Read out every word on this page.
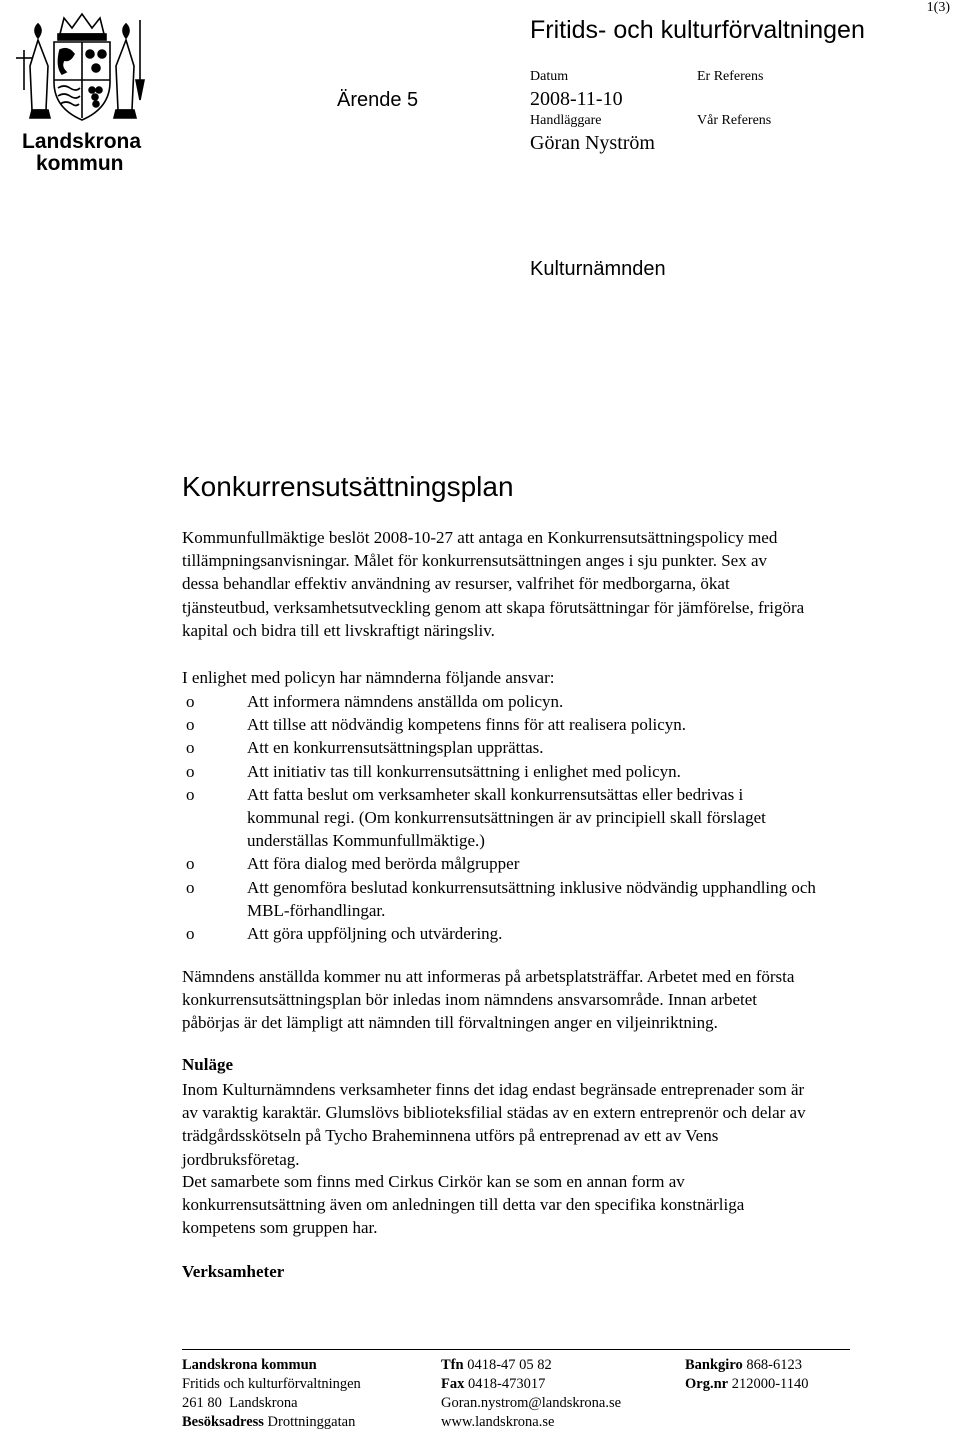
Landskrona
kommun
1(3)
Fritids- och kulturförvaltningen
Ärende 5
Datum
2008-11-10
Handläggare
Göran Nyström
Er Referens
Vår Referens
Kulturnämnden
Konkurrensutsättningsplan
Kommunfullmäktige beslöt 2008-10-27 att antaga en Konkurrensutsättningspolicy med
tillämpningsanvisningar. Målet för konkurrensutsättningen anges i sju punkter. Sex av
dessa behandlar effektiv användning av resurser, valfrihet för medborgarna, ökat
tjänsteutbud, verksamhetsutveckling genom att skapa förutsättningar för jämförelse, frigöra
kapital och bidra till ett livskraftigt näringsliv.
I enlighet med policyn har nämnderna följande ansvar:
o	Att informera nämndens anställda om policyn.
o	Att tillse att nödvändig kompetens finns för att realisera policyn.
o	Att en konkurrensutsättningsplan upprättas.
o	Att initiativ tas till konkurrensutsättning i enlighet med policyn.
o	Att fatta beslut om verksamheter skall konkurrensutsättas eller bedrivas i
kommunal regi. (Om konkurrensutsättningen är av principiell skall förslaget
underställas Kommunfullmäktige.)
o	Att föra dialog med berörda målgrupper
o	Att genomföra beslutad konkurrensutsättning inklusive nödvändig upphandling och
MBL-förhandlingar.
o	Att göra uppföljning och utvärdering.
Nämndens anställda kommer nu att informeras på arbetsplatsträffar. Arbetet med en första
konkurrensutsättningsplan bör inledas inom nämndens ansvarsområde. Innan arbetet
påbörjas är det lämpligt att nämnden till förvaltningen anger en viljeinriktning.
Nuläge
Inom Kulturnämndens verksamheter finns det idag endast begränsade entreprenader som är
av varaktig karaktär. Glumslövs biblioteksfilial städas av en extern entreprenör och delar av
trädgårdsskötseln på Tycho Braheminnena utförs på entreprenad av ett av Vens
jordbruksföretag.
Det samarbete som finns med Cirkus Cirkör kan se som en annan form av
konkurrensutsättning även om anledningen till detta var den specifika konstnärliga
kompetens som gruppen har.
Verksamheter
Landskrona kommun
Fritids och kulturförvaltningen
261 80  Landskrona
Besöksadress Drottninggatan
Tfn 0418-47 05 82
Fax 0418-473017
Goran.nystrom@landskrona.se
www.landskrona.se
Bankgiro 868-6123
Org.nr 212000-1140
